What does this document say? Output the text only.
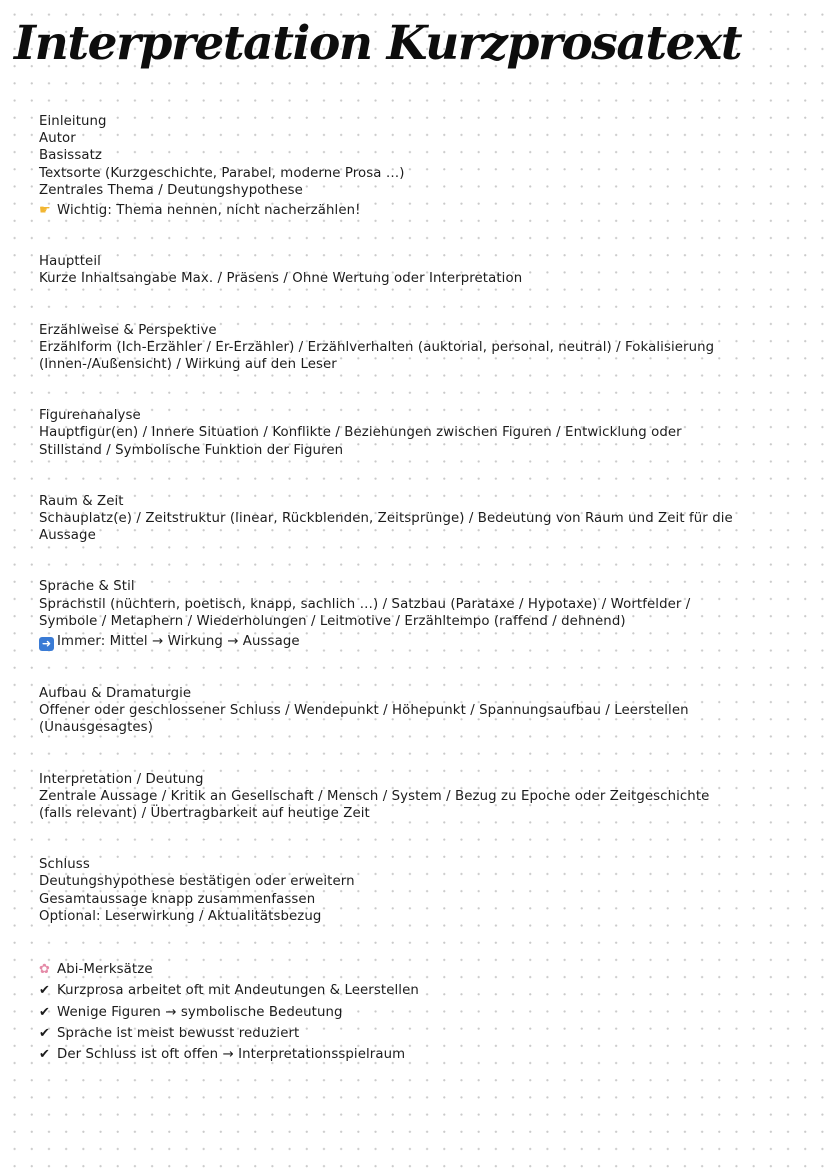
Interpretation Kurzprosatext
Einleitung
Autor
Basissatz
Textsorte (Kurzgeschichte, Parabel, moderne Prosa …)
Zentrales Thema / Deutungshypothese
☛ Wichtig: Thema nennen, nicht nacherzählen!
Hauptteil
Kurze Inhaltsangabe Max. / Präsens / Ohne Wertung oder Interpretation
Erzählweise & Perspektive
Erzählform (Ich-Erzähler / Er-Erzähler) / Erzählverhalten (auktorial, personal, neutral) / Fokalisierung
(Innen-/Außensicht) / Wirkung auf den Leser
Figurenanalyse
Hauptfigur(en) / Innere Situation / Konflikte / Beziehungen zwischen Figuren / Entwicklung oder
Stillstand / Symbolische Funktion der Figuren
Raum & Zeit
Schauplatz(e) / Zeitstruktur (linear, Rückblenden, Zeitsprünge) / Bedeutung von Raum und Zeit für die
Aussage
Sprache & Stil
Sprachstil (nüchtern, poetisch, knapp, sachlich …) / Satzbau (Parataxe / Hypotaxe) / Wortfelder /
Symbole / Metaphern / Wiederholungen / Leitmotive / Erzähltempo (raffend / dehnend)
➜ Immer: Mittel → Wirkung → Aussage
Aufbau & Dramaturgie
Offener oder geschlossener Schluss / Wendepunkt / Höhepunkt / Spannungsaufbau / Leerstellen
(Unausgesagtes)
Interpretation / Deutung
Zentrale Aussage / Kritik an Gesellschaft / Mensch / System / Bezug zu Epoche oder Zeitgeschichte
(falls relevant) / Übertragbarkeit auf heutige Zeit
Schluss
Deutungshypothese bestätigen oder erweitern
Gesamtaussage knapp zusammenfassen
Optional: Leserwirkung / Aktualitätsbezug
✿ Abi-Merksätze
✔ Kurzprosa arbeitet oft mit Andeutungen & Leerstellen
✔ Wenige Figuren → symbolische Bedeutung
✔ Sprache ist meist bewusst reduziert
✔ Der Schluss ist oft offen → Interpretationsspielraum
